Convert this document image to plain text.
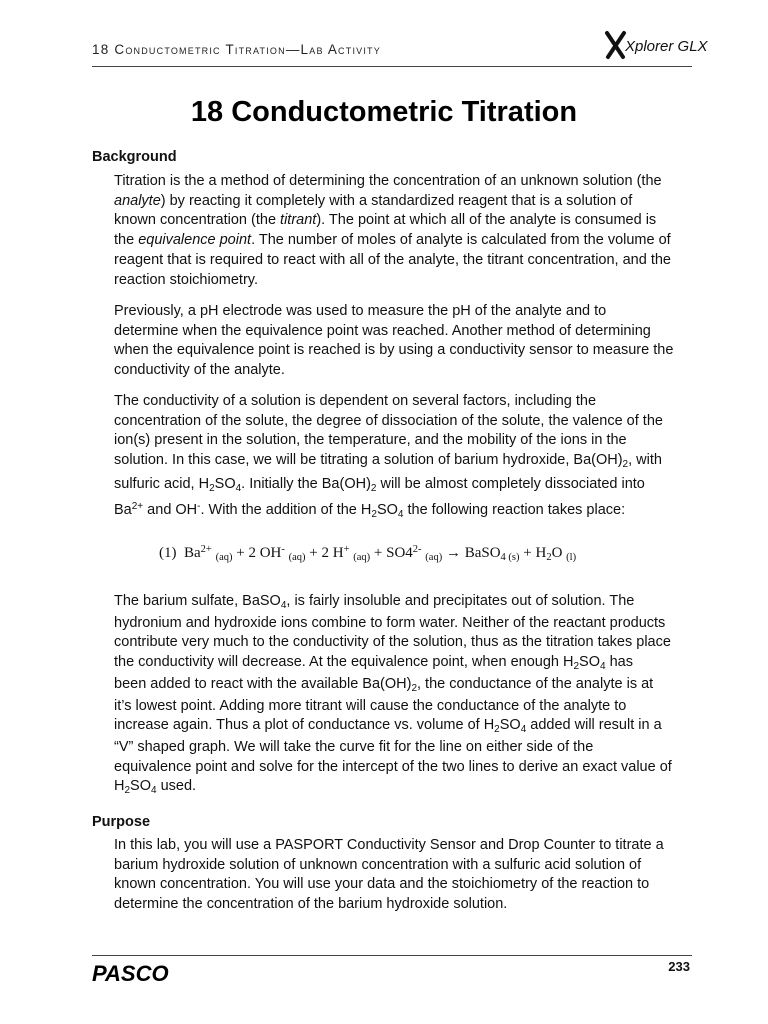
18 Conductometric Titration—Lab Activity	Xplorer GLX
18 Conductometric Titration
Background
Titration is the a method of determining the concentration of an unknown solution (the
analyte) by reacting it completely with a standardized reagent that is a solution of
known concentration (the titrant). The point at which all of the analyte is consumed is
the equivalence point. The number of moles of analyte is calculated from the volume of
reagent that is required to react with all of the analyte, the titrant concentration, and the
reaction stoichiometry.
Previously, a pH electrode was used to measure the pH of the analyte and to
determine when the equivalence point was reached. Another method of determining
when the equivalence point is reached is by using a conductivity sensor to measure the
conductivity of the analyte.
The conductivity of a solution is dependent on several factors, including the
concentration of the solute, the degree of dissociation of the solute, the valence of the
ion(s) present in the solution, the temperature, and the mobility of the ions in the
solution. In this case, we will be titrating a solution of barium hydroxide, $Ba(OH)_2$, with
sulfuric acid, $H_2SO_4$. Initially the $Ba(OH)_2$ will be almost completely dissociated into
$Ba^{2+}$ and OH-. With the addition of the $H_2SO_4$ the following reaction takes place:
(1) $Ba^{2+}$ $_{(aq)}$ + 2 OH- $_{(aq)}$ + 2 H+ $_{(aq)} + SO4^{2-}$ $_{(aq)}$ → BaSO$_{4 (s)}$ + $H_2O$ $_{(l)}$
The barium sulfate, BaSO$_4$, is fairly insoluble and precipitates out of solution. The
hydronium and hydroxide ions combine to form water. Neither of the reactant products
contribute very much to the conductivity of the solution, thus as the titration takes place
the conductivity will decrease. At the equivalence point, when enough $H_2SO_4$ has
been added to react with the available $Ba(OH)_2$, the conductance of the analyte is at
it’s lowest point. Adding more titrant will cause the conductance of the analyte to
increase again. Thus a plot of conductance vs. volume of $H_2SO_4$ added will result in a
“V” shaped graph. We will take the curve fit for the line on either side of the
equivalence point and solve for the intercept of the two lines to derive an exact value of
$H_2SO_4$ used.
Purpose
In this lab, you will use a PASPORT Conductivity Sensor and Drop Counter to titrate a
barium hydroxide solution of unknown concentration with a sulfuric acid solution of
known concentration. You will use your data and the stoichiometry of the reaction to
determine the concentration of the barium hydroxide solution.
PASCO	233
